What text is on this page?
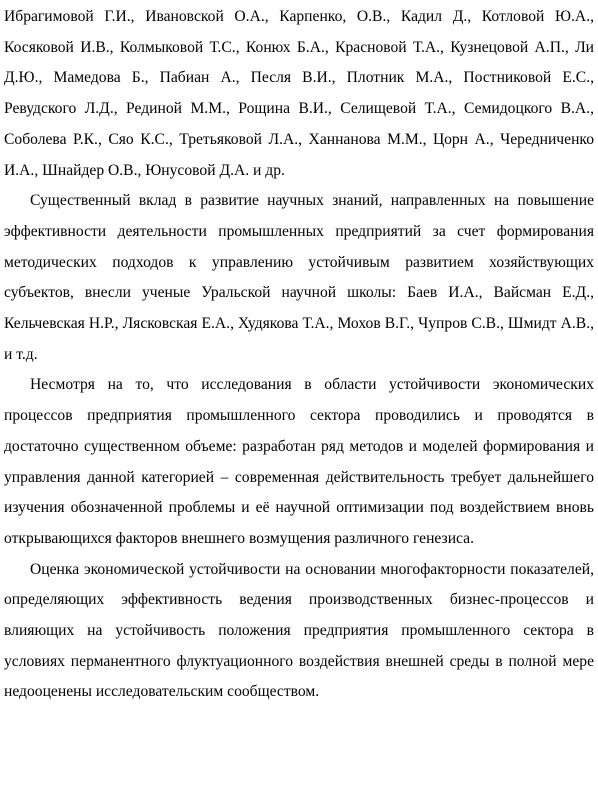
Ибрагимовой Г.И., Ивановской О.А., Карпенко, О.В., Кадил Д., Котловой Ю.А., Косяковой И.В., Колмыковой Т.С., Конюх Б.А., Красновой Т.А., Кузнецовой А.П., Ли Д.Ю., Мамедова Б., Пабиан А., Песля В.И., Плотник М.А., Постниковой Е.С., Ревудского Л.Д., Рединой М.М., Рощина В.И., Селищевой Т.А., Семидоцкого В.А., Соболева Р.К., Сяо К.С., Третьяковой Л.А., Ханнанова М.М., Цорн А., Чередниченко И.А., Шнайдер О.В., Юнусовой Д.А. и др.

Существенный вклад в развитие научных знаний, направленных на повышение эффективности деятельности промышленных предприятий за счет формирования методических подходов к управлению устойчивым развитием хозяйствующих субъектов, внесли ученые Уральской научной школы: Баев И.А., Вайсман Е.Д., Кельчевская Н.Р., Лясковская Е.А., Худякова Т.А., Мохов В.Г., Чупров С.В., Шмидт А.В., и т.д.

Несмотря на то, что исследования в области устойчивости экономических процессов предприятия промышленного сектора проводились и проводятся в достаточно существенном объеме: разработан ряд методов и моделей формирования и управления данной категорией – современная действительность требует дальнейшего изучения обозначенной проблемы и её научной оптимизации под воздействием вновь открывающихся факторов внешнего возмущения различного генезиса.

Оценка экономической устойчивости на основании многофакторности показателей, определяющих эффективность ведения производственных бизнес-процессов и влияющих на устойчивость положения предприятия промышленного сектора в условиях перманентного флуктуационного воздействия внешней среды в полной мере недооценены исследовательским сообществом.
